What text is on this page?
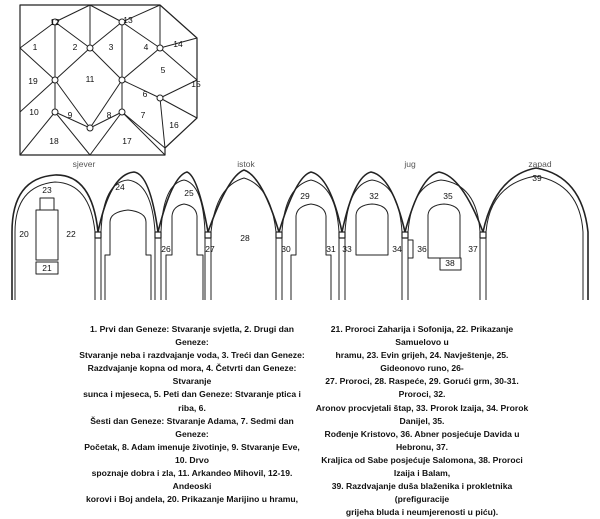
sjever	istok	jug	zapad
1	2	3	4
5
6
7
8
9
10
11
12	13
14
15
16
17
18
19
20
21
22
23	24
25
26	27
28
29
30	31
32
33	34
35
36	37
38
39
1. Prvi dan Geneze: Stvaranje svjetla, 2. Drugi dan Geneze:
Stvaranje neba i razdvajanje voda, 3. Treći dan Geneze:
Razdvajanje kopna od mora, 4. Četvrti dan Geneze: Stvaranje
sunca i mjeseca, 5. Peti dan Geneze: Stvaranje ptica i riba, 6.
Šesti dan Geneze: Stvaranje Adama, 7. Sedmi dan Geneze:
Početak, 8. Adam imenuje životinje, 9. Stvaranje Eve, 10. Drvo
spoznaje dobra i zla, 11. Arkandeo Mihovil, 12-19. Andeoski
korovi i Boj andela, 20. Prikazanje Marijino u hramu,
21. Proroci Zaharija i Sofonija, 22. Prikazanje Samuelovo u
hramu, 23. Evin grijeh, 24. Navještenje, 25. Gideonovo runo, 26-
27. Proroci, 28. Raspeće, 29. Gorući grm, 30-31. Proroci, 32.
Aronov procvjetali štap, 33. Prorok Izaija, 34. Prorok Danijel, 35.
Rođenje Kristovo, 36. Abner posjećuje Davida u Hebronu, 37.
Kraljica od Sabe posjećuje Salomona, 38. Proroci Izaija i Balam,
39. Razdvajanje duša blaženika i prokletnika (prefiguracije
grijeha bluda i neumjerenosti u piću).
